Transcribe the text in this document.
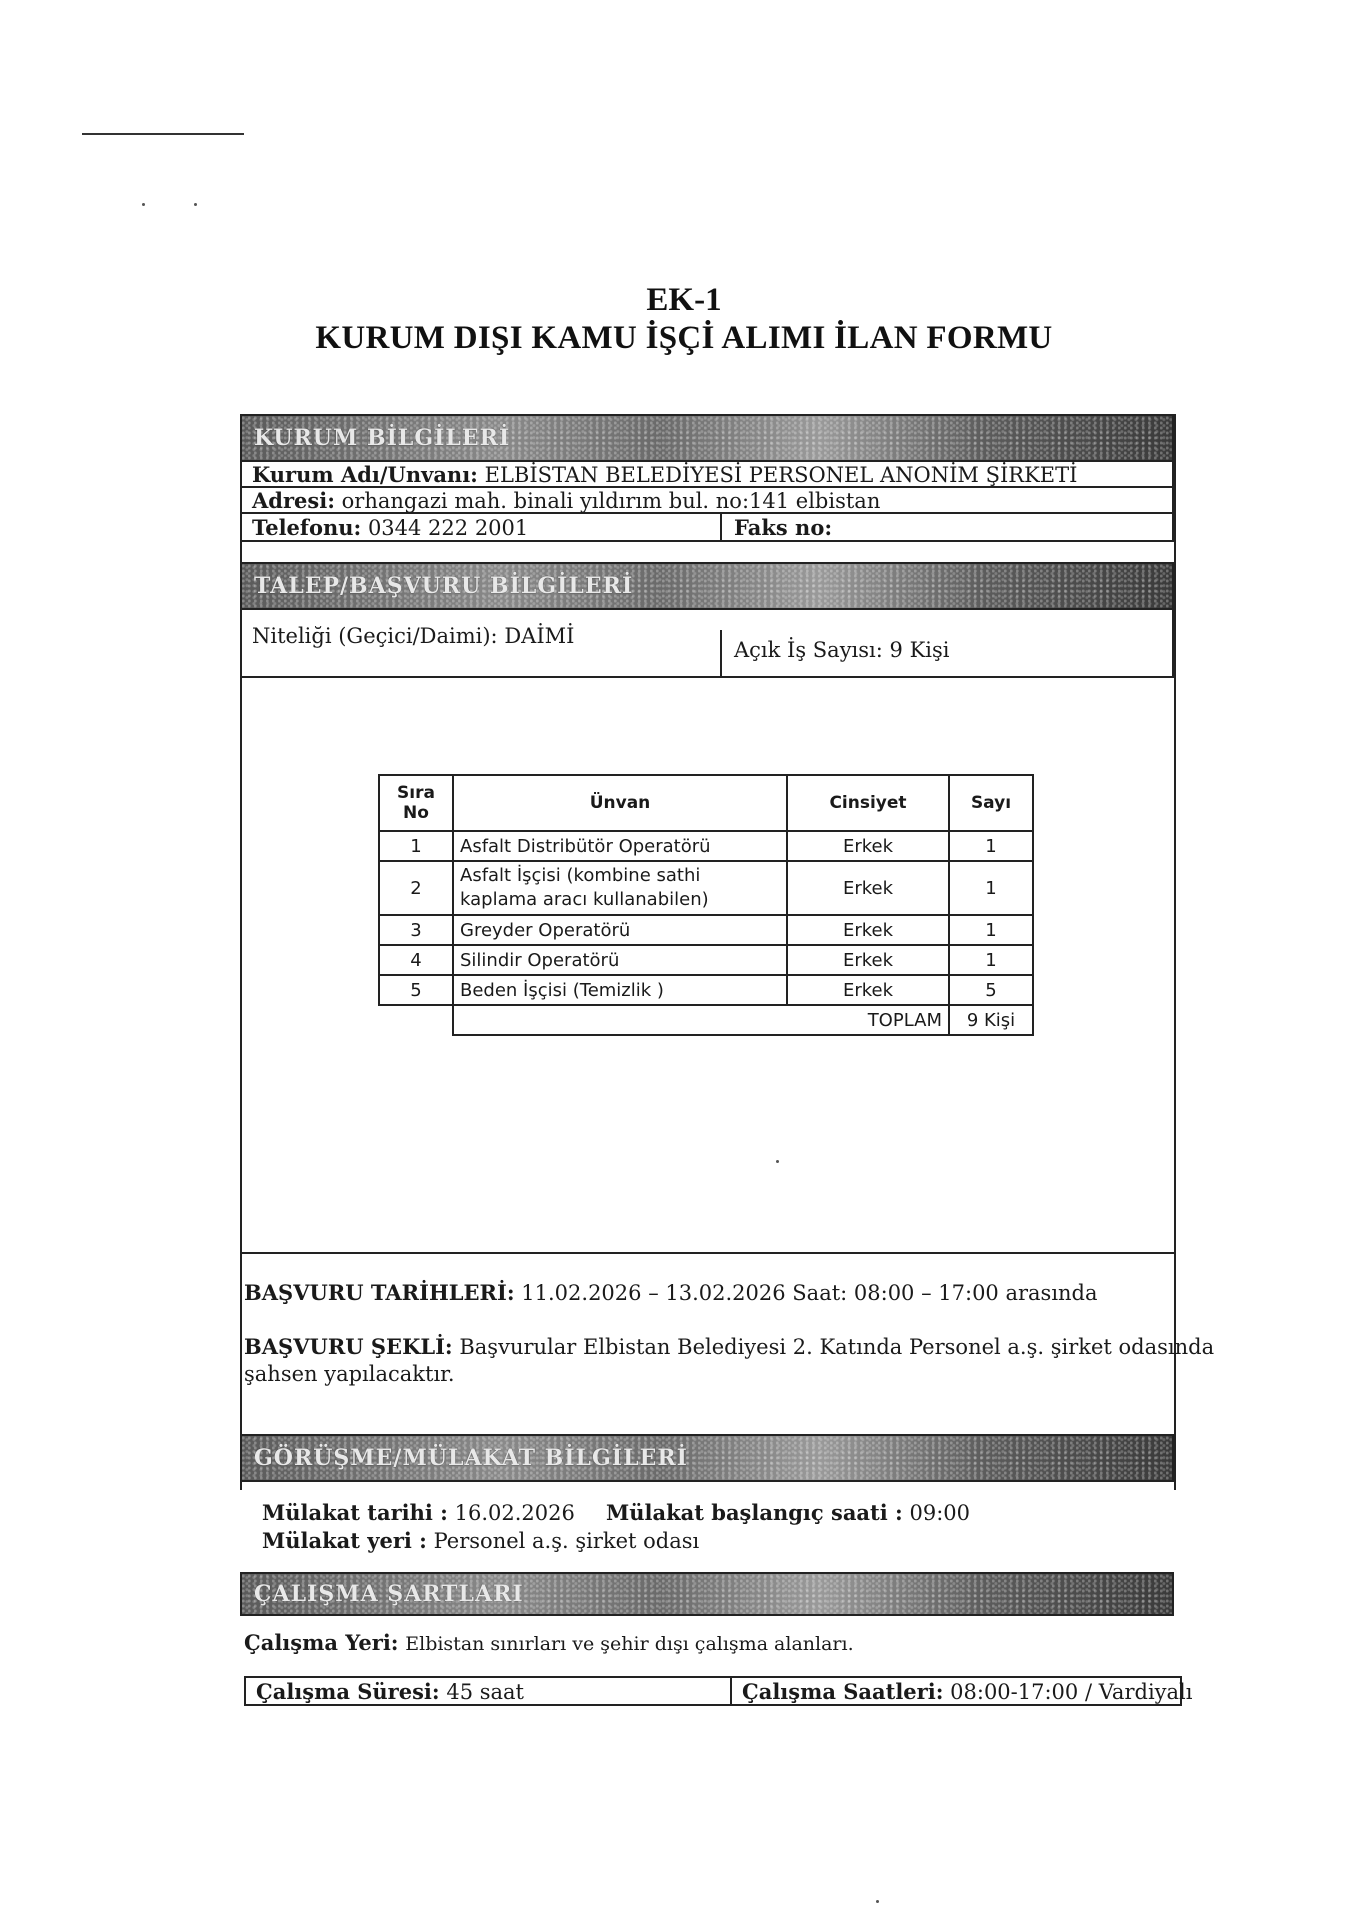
EK-1
KURUM DIŞI KAMU İŞÇİ ALIMI İLAN FORMU
KURUM BİLGİLERİ
Kurum Adı/Unvanı: ELBİSTAN BELEDİYESİ PERSONEL ANONİM ŞİRKETİ
Adresi: orhangazi mah. binali yıldırım bul. no:141 elbistan
Telefonu: 0344 222 2001	Faks no:
TALEP/BAŞVURU BİLGİLERİ
Niteliği (Geçici/Daimi): DAİMİ
Açık İş Sayısı: 9 Kişi
Sıra No	Ünvan	Cinsiyet	Sayı
1	Asfalt Distribütör Operatörü	Erkek	1
2	Asfalt İşçisi (kombine sathi kaplama aracı kullanabilen)	Erkek	1
3	Greyder Operatörü	Erkek	1
4	Silindir Operatörü	Erkek	1
5	Beden İşçisi (Temizlik )	Erkek	5
	TOPLAM		9 Kişi
BAŞVURU TARİHLERİ: 11.02.2026 – 13.02.2026 Saat: 08:00 – 17:00 arasında
BAŞVURU ŞEKLİ: Başvurular Elbistan Belediyesi 2. Katında Personel a.ş. şirket odasında
şahsen yapılacaktır.
GÖRÜŞME/MÜLAKAT BİLGİLERİ
Mülakat tarihi : 16.02.2026 Mülakat başlangıç saati : 09:00
Mülakat yeri : Personel a.ş. şirket odası
ÇALIŞMA ŞARTLARI
Çalışma Yeri: Elbistan sınırları ve şehir dışı çalışma alanları.
Çalışma Süresi: 45 saat	Çalışma Saatleri: 08:00-17:00 / Vardiyalı
